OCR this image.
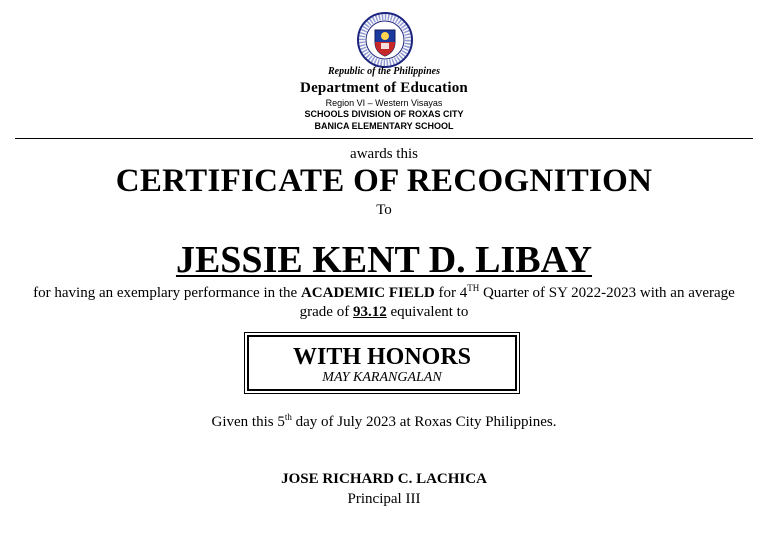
Republic of the Philippines
Department of Education
Region VI – Western Visayas
SCHOOLS DIVISION OF ROXAS CITY
BANICA ELEMENTARY SCHOOL
awards this
CERTIFICATE OF RECOGNITION
To
JESSIE KENT D. LIBAY
for having an exemplary performance in the ACADEMIC FIELD for 4TH Quarter of SY 2022-2023 with an average grade of 93.12 equivalent to
WITH HONORS
MAY KARANGALAN
Given this 5th day of July 2023 at Roxas City Philippines.
JOSE RICHARD C. LACHICA
Principal III
